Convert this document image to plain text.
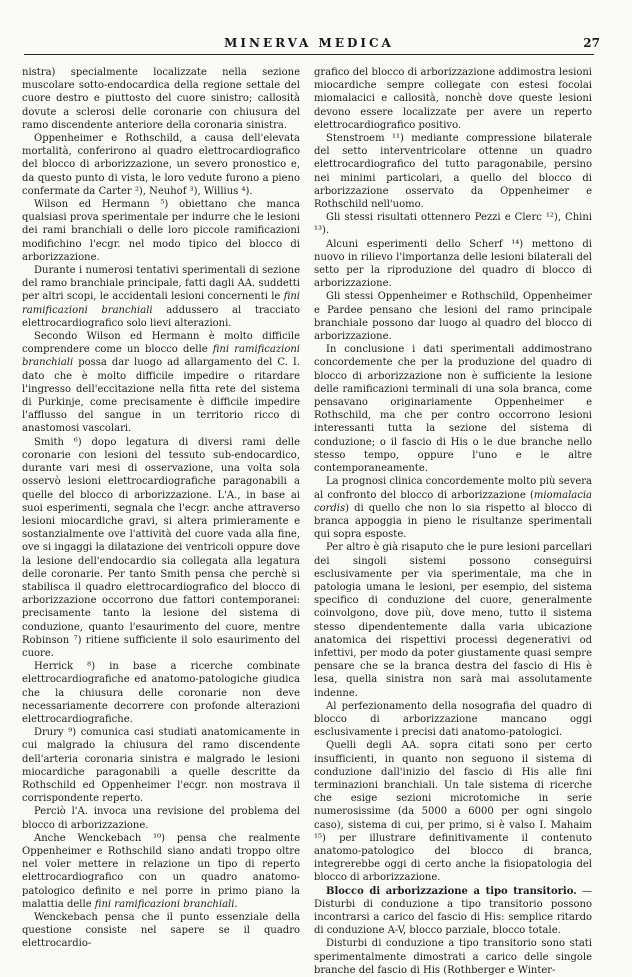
MINERVA MEDICA	27

nistra) specialmente localizzate nella sezione muscolare sotto-endocardica della regione settale del cuore destro e piuttosto del cuore sinistro; callosità dovute a sclerosi delle coronarie con chiusura del ramo discendente anteriore della coronaria sinistra.

Oppenheimer e Rothschild, a causa dell'elevata mortalità, conferirono al quadro elettrocardiografico del blocco di arborizzazione, un severo pronostico e, da questo punto di vista, le loro vedute furono a pieno confermate da Carter ²), Neuhof ³), Willius ⁴).

Wilson ed Hermann ⁵) obiettano che manca qualsiasi prova sperimentale per indurre che le lesioni dei rami branchiali o delle loro piccole ramificazioni modifichino l'ecgr. nel modo tipico del blocco di arborizzazione.

Durante i numerosi tentativi sperimentali di sezione del ramo branchiale principale, fatti dagli AA. suddetti per altri scopi, le accidentali lesioni concernenti le fini ramificazioni branchiali addussero al tracciato elettrocardiografico solo lievi alterazioni.

Secondo Wilson ed Hermann è molto difficile comprendere come un blocco delle fini ramificazioni branchiali possa dar luogo ad allargamento del C. I. dato che è molto difficile impedire o ritardare l'ingresso dell'eccitazione nella fitta rete del sistema di Purkinje, come precisamente è difficile impedire l'afflusso del sangue in un territorio ricco di anastomosi vascolari.

Smith ⁶) dopo legatura di diversi rami delle coronarie con lesioni del tessuto sub-endocardico, durante vari mesi di osservazione, una volta sola osservò lesioni elettrocardiografiche paragonabili a quelle del blocco di arborizzazione. L'A., in base ai suoi esperimenti, segnala che l'ecgr. anche attraverso lesioni miocardiche gravi, si altera primieramente e sostanzialmente ove l'attività del cuore vada alla fine, ove si ingaggi la dilatazione dei ventricoli oppure dove la lesione dell'endocardio sia collegata alla legatura delle coronarie. Per tanto Smith pensa che perchè si stabilisca il quadro elettrocardiografico del blocco di arborizzazione occorrono due fattori contemporanei: precisamente tanto la lesione del sistema di conduzione, quanto l'esaurimento del cuore, mentre Robinson ⁷) ritiene sufficiente il solo esaurimento del cuore.

Herrick ⁸) in base a ricerche combinate elettrocardiografiche ed anatomo-patologiche giudica che la chiusura delle coronarie non deve necessariamente decorrere con profonde alterazioni elettrocardiografiche.

Drury ⁹) comunica casi studiati anatomicamente in cui malgrado la chiusura del ramo discendente dell'arteria coronaria sinistra e malgrado le lesioni miocardiche paragonabili a quelle descritte da Rothschild ed Oppenheimer l'ecgr. non mostrava il corrispondente reperto.

Perciò l'A. invoca una revisione del problema del blocco di arborizzazione.

Anche Wenckebach ¹⁰) pensa che realmente Oppenheimer e Rothschild siano andati troppo oltre nel voler mettere in relazione un tipo di reperto elettrocardiografico con un quadro anatomo-patologico definito e nel porre in primo piano la malattia delle fini ramificazioni branchiali.

Wenckebach pensa che il punto essenziale della questione consiste nel sapere se il quadro elettrocardio-

grafico del blocco di arborizzazione addimostra lesioni miocardiche sempre collegate con estesi focolai miomalacici e callosità, nonchè dove queste lesioni devono essere localizzate per avere un reperto elettrocardiografico positivo.

Stenstroem ¹¹) mediante compressione bilaterale del setto interventricolare ottenne un quadro elettrocardiografico del tutto paragonabile, persino nei minimi particolari, a quello del blocco di arborizzazione osservato da Oppenheimer e Rothschild nell'uomo.

Gli stessi risultati ottennero Pezzi e Clerc ¹²), Chini ¹³).

Alcuni esperimenti dello Scherf ¹⁴) mettono di nuovo in rilievo l'importanza delle lesioni bilaterali del setto per la riproduzione del quadro di blocco di arborizzazione.

Gli stessi Oppenheimer e Rothschild, Oppenheimer e Pardee pensano che lesioni del ramo principale branchiale possono dar luogo al quadro del blocco di arborizzazione.

In conclusione i dati sperimentali addimostrano concordemente che per la produzione del quadro di blocco di arborizzazione non è sufficiente la lesione delle ramificazioni terminali di una sola branca, come pensavano originariamente Oppenheimer e Rothschild, ma che per contro occorrono lesioni interessanti tutta la sezione del sistema di conduzione; o il fascio di His o le due branche nello stesso tempo, oppure l'uno e le altre contemporaneamente.

La prognosi clinica concordemente molto più severa al confronto del blocco di arborizzazione (miomalacia cordis) di quello che non lo sia rispetto al blocco di branca appoggia in pieno le risultanze sperimentali qui sopra esposte.

Per altro è già risaputo che le pure lesioni parcellari dei singoli sistemi possono conseguirsi esclusivamente per via sperimentale, ma che in patologia umana le lesioni, per esempio, del sistema specifico di conduzione del cuore, generalmente coinvolgono, dove più, dove meno, tutto il sistema stesso dipendentemente dalla varia ubicazione anatomica dei rispettivi processi degenerativi od infettivi, per modo da poter giustamente quasi sempre pensare che se la branca destra del fascio di His è lesa, quella sinistra non sarà mai assolutamente indenne.

Al perfezionamento della nosografia del quadro di blocco di arborizzazione mancano oggi esclusivamente i precisi dati anatomo-patologici.

Quelli degli AA. sopra citati sono per certo insufficienti, in quanto non seguono il sistema di conduzione dall'inizio del fascio di His alle fini terminazioni branchiali. Un tale sistema di ricerche che esige sezioni microtomiche in serie numerosissime (da 5000 a 6000 per ogni singolo caso), sistema di cui, per primo, si è valso I. Mahaim ¹⁵) per illustrare definitivamente il contenuto anatomo-patologico del blocco di branca, integrerebbe oggi di certo anche la fisiopatologia del blocco di arborizzazione.

Blocco di arborizzazione a tipo transitorio. — Disturbi di conduzione a tipo transitorio possono incontrarsi a carico del fascio di His: semplice ritardo di conduzione A-V, blocco parziale, blocco totale.

Disturbi di conduzione a tipo transitorio sono stati sperimentalmente dimostrati a carico delle singole branche del fascio di His (Rothberger e Winter-
